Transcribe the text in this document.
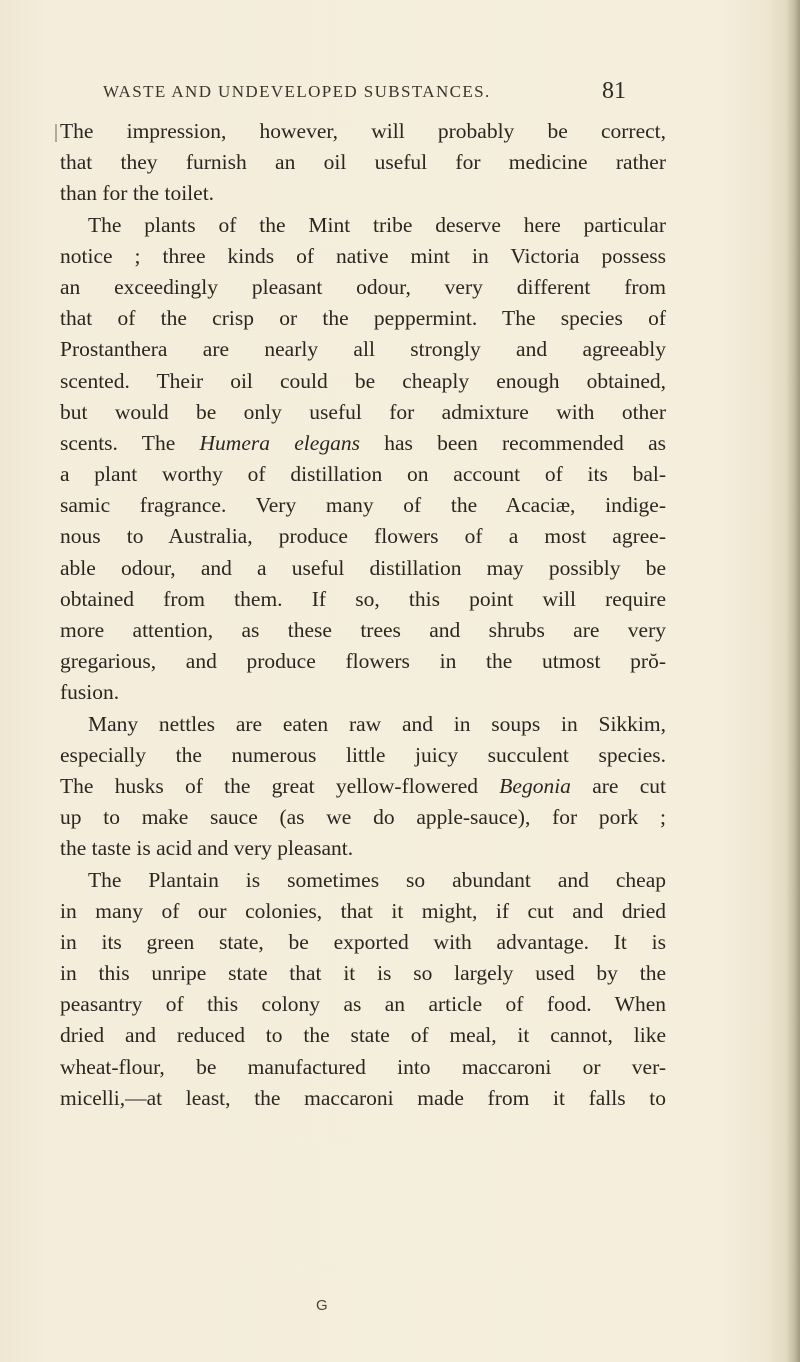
WASTE AND UNDEVELOPED SUBSTANCES.	81
The impression, however, will probably be correct,
that they furnish an oil useful for medicine rather
than for the toilet.
The plants of the Mint tribe deserve here particular
notice ; three kinds of native mint in Victoria possess
an exceedingly pleasant odour, very different from
that of the crisp or the peppermint. The species of
Prostanthera are nearly all strongly and agreeably
scented. Their oil could be cheaply enough obtained,
but would be only useful for admixture with other
scents. The Humera elegans has been recommended as
a plant worthy of distillation on account of its bal-
samic fragrance. Very many of the Acaciæ, indige-
nous to Australia, produce flowers of a most agree-
able odour, and a useful distillation may possibly be
obtained from them. If so, this point will require
more attention, as these trees and shrubs are very
gregarious, and produce flowers in the utmost prŏ-
fusion.
Many nettles are eaten raw and in soups in Sikkim,
especially the numerous little juicy succulent species.
The husks of the great yellow-flowered Begonia are cut
up to make sauce (as we do apple-sauce), for pork ;
the taste is acid and very pleasant.
The Plantain is sometimes so abundant and cheap
in many of our colonies, that it might, if cut and dried
in its green state, be exported with advantage. It is
in this unripe state that it is so largely used by the
peasantry of this colony as an article of food. When
dried and reduced to the state of meal, it cannot, like
wheat-flour, be manufactured into maccaroni or ver-
micelli,—at least, the maccaroni made from it falls to
G
